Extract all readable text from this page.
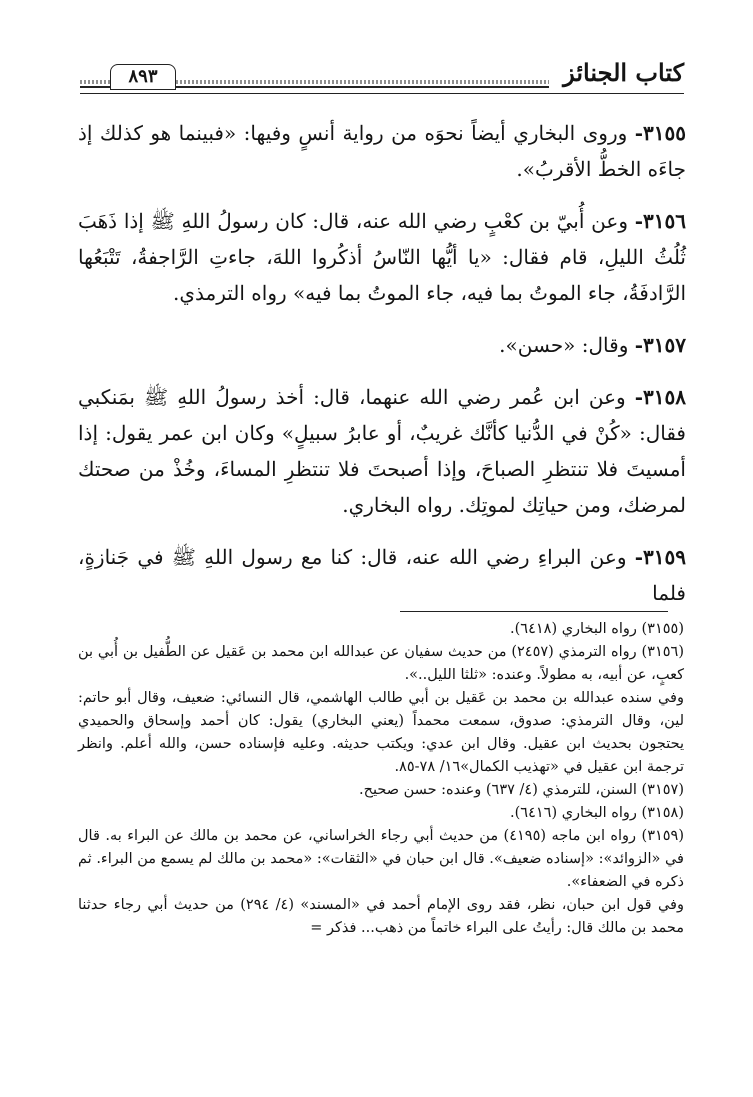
كتاب الجنائز
٨٩٣

٣١٥٥- وروى البخاري أيضاً نحوَه من رواية أنسٍ وفيها: «فبينما هو كذلك إذ جاءَه الخطُّ الأقربُ».

٣١٥٦- وعن أُبيّ بن كعْبٍ رضي الله عنه، قال: كان رسولُ اللهِ ﷺ إذا ذَهَبَ ثُلُثُ الليلِ، قام فقال: «يا أيُّها النّاسُ أذكُروا اللهَ، جاءتِ الرَّاجفةُ، تَتْبَعُها الرَّادفَةُ، جاء الموتُ بما فيه، جاء الموتُ بما فيه» رواه الترمذي.

٣١٥٧- وقال: «حسن».

٣١٥٨- وعن ابن عُمر رضي الله عنهما، قال: أخذ رسولُ اللهِ ﷺ بمَنكبي فقال: «كُنْ في الدُّنيا كأنَّك غريبٌ، أو عابرُ سبيلٍ» وكان ابن عمر يقول: إذا أمسيتَ فلا تنتظرِ الصباحَ، وإذا أصبحتَ فلا تنتظرِ المساءَ، وخُذْ من صحتك لمرضك، ومن حياتِك لموتِك. رواه البخاري.

٣١٥٩- وعن البراءِ رضي الله عنه، قال: كنا مع رسول اللهِ ﷺ في جَنازةٍ، فلما

(٣١٥٥) رواه البخاري (٦٤١٨).

(٣١٥٦) رواه الترمذي (٢٤٥٧) من حديث سفيان عن عبدالله ابن محمد بن عَقيل عن الطُّفيل بن أُبي بن كعبٍ، عن أبيه، به مطولاً. وعنده: «ثلثا الليل..».

وفي سنده عبدالله بن محمد بن عَقيل بن أبي طالب الهاشمي، قال النسائي: ضعيف، وقال أبو حاتم: لين، وقال الترمذي: صدوق، سمعت محمداً (يعني البخاري) يقول: كان أحمد وإسحاق والحميدي يحتجون بحديث ابن عقيل. وقال ابن عدي: ويكتب حديثه. وعليه فإسناده حسن، والله أعلم. وانظر ترجمة ابن عقيل في «تهذيب الكمال»١٦/ ٧٨-٨٥.

(٣١٥٧) السنن، للترمذي (٤/ ٦٣٧) وعنده: حسن صحيح.

(٣١٥٨) رواه البخاري (٦٤١٦).

(٣١٥٩) رواه ابن ماجه (٤١٩٥) من حديث أبي رجاء الخراساني، عن محمد بن مالك عن البراء به. قال في «الزوائد»: «إسناده ضعيف». قال ابن حبان في «الثقات»: «محمد بن مالك لم يسمع من البراء. ثم ذكره في الضعفاء».

وفي قول ابن حبان، نظر، فقد روى الإمام أحمد في «المسند» (٤/ ٢٩٤) من حديث أبي رجاء حدثنا محمد بن مالك قال: رأيتُ على البراء خاتماً من ذهب... فذكر =
